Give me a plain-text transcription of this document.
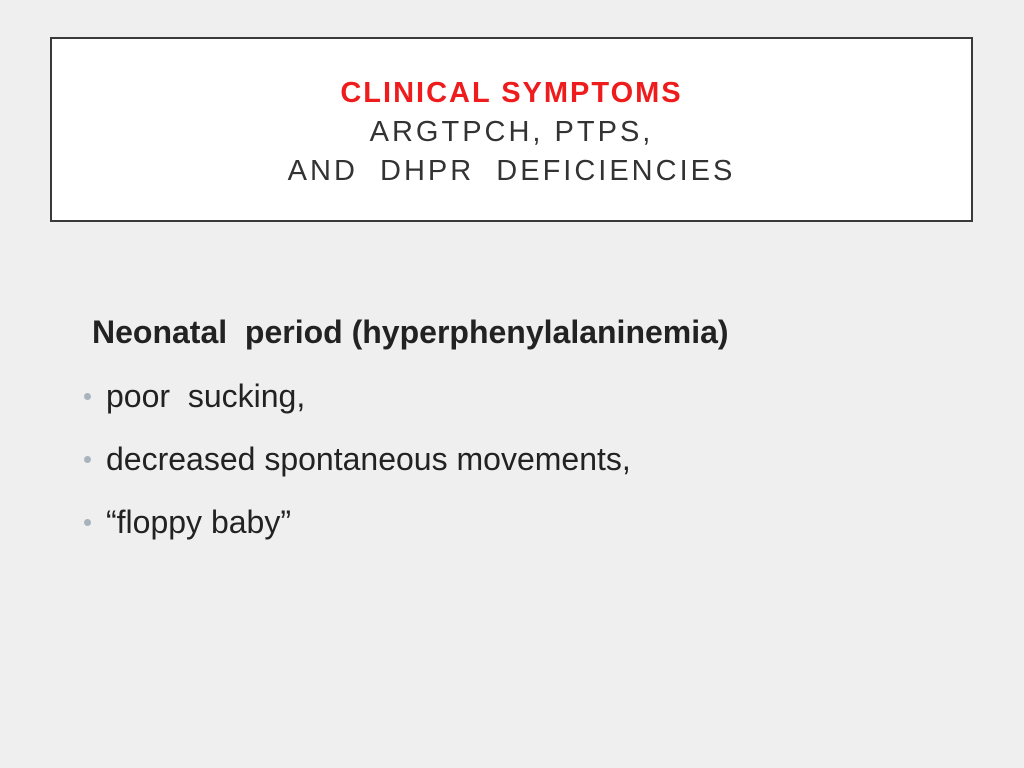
CLINICAL SYMPTOMS
ARGTPCH, PTPS,
AND  DHPR  DEFICIENCIES
Neonatal  period (hyperphenylalaninemia)
poor  sucking,
decreased spontaneous movements,
“floppy baby”
